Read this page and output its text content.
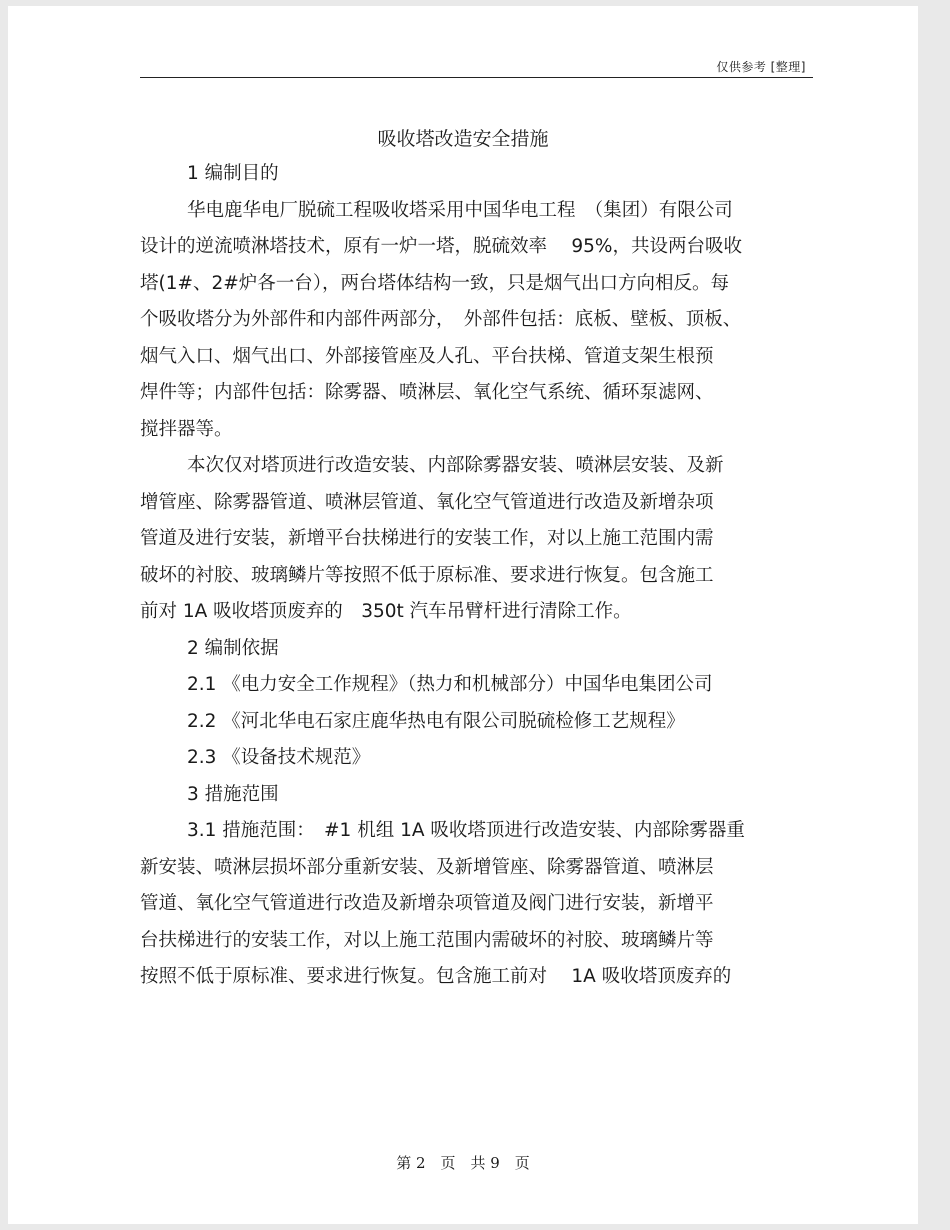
仅供参考 [整理]
吸收塔改造安全措施
1 编制目的
华电鹿华电厂脱硫工程吸收塔采用中国华电工程　（集团）有限公司
设计的逆流喷淋塔技术，原有一炉一塔，脱硫效率　 95%，共设两台吸收
塔(1#、2#炉各一台），两台塔体结构一致，只是烟气出口方向相反。每
个吸收塔分为外部件和内部件两部分，　外部件包括：底板、壁板、顶板、
烟气入口、烟气出口、外部接管座及人孔、平台扶梯、管道支架生根预
焊件等；内部件包括：除雾器、喷淋层、氧化空气系统、循环泵滤网、
搅拌器等。
本次仅对塔顶进行改造安装、内部除雾器安装、喷淋层安装、及新
增管座、除雾器管道、喷淋层管道、氧化空气管道进行改造及新增杂项
管道及进行安装，新增平台扶梯进行的安装工作，对以上施工范围内需
破坏的衬胶、玻璃鳞片等按照不低于原标准、要求进行恢复。包含施工
前对 1A 吸收塔顶废弃的　350t 汽车吊臂杆进行清除工作。
2 编制依据
2.1 《电力安全工作规程》（热力和机械部分）中国华电集团公司
2.2 《河北华电石家庄鹿华热电有限公司脱硫检修工艺规程》
2.3 《设备技术规范》
3 措施范围
3.1 措施范围：　#1 机组 1A 吸收塔顶进行改造安装、内部除雾器重
新安装、喷淋层损坏部分重新安装、及新增管座、除雾器管道、喷淋层
管道、氧化空气管道进行改造及新增杂项管道及阀门进行安装，新增平
台扶梯进行的安装工作，对以上施工范围内需破坏的衬胶、玻璃鳞片等
按照不低于原标准、要求进行恢复。包含施工前对　 1A 吸收塔顶废弃的
第 2　页　共 9　页
